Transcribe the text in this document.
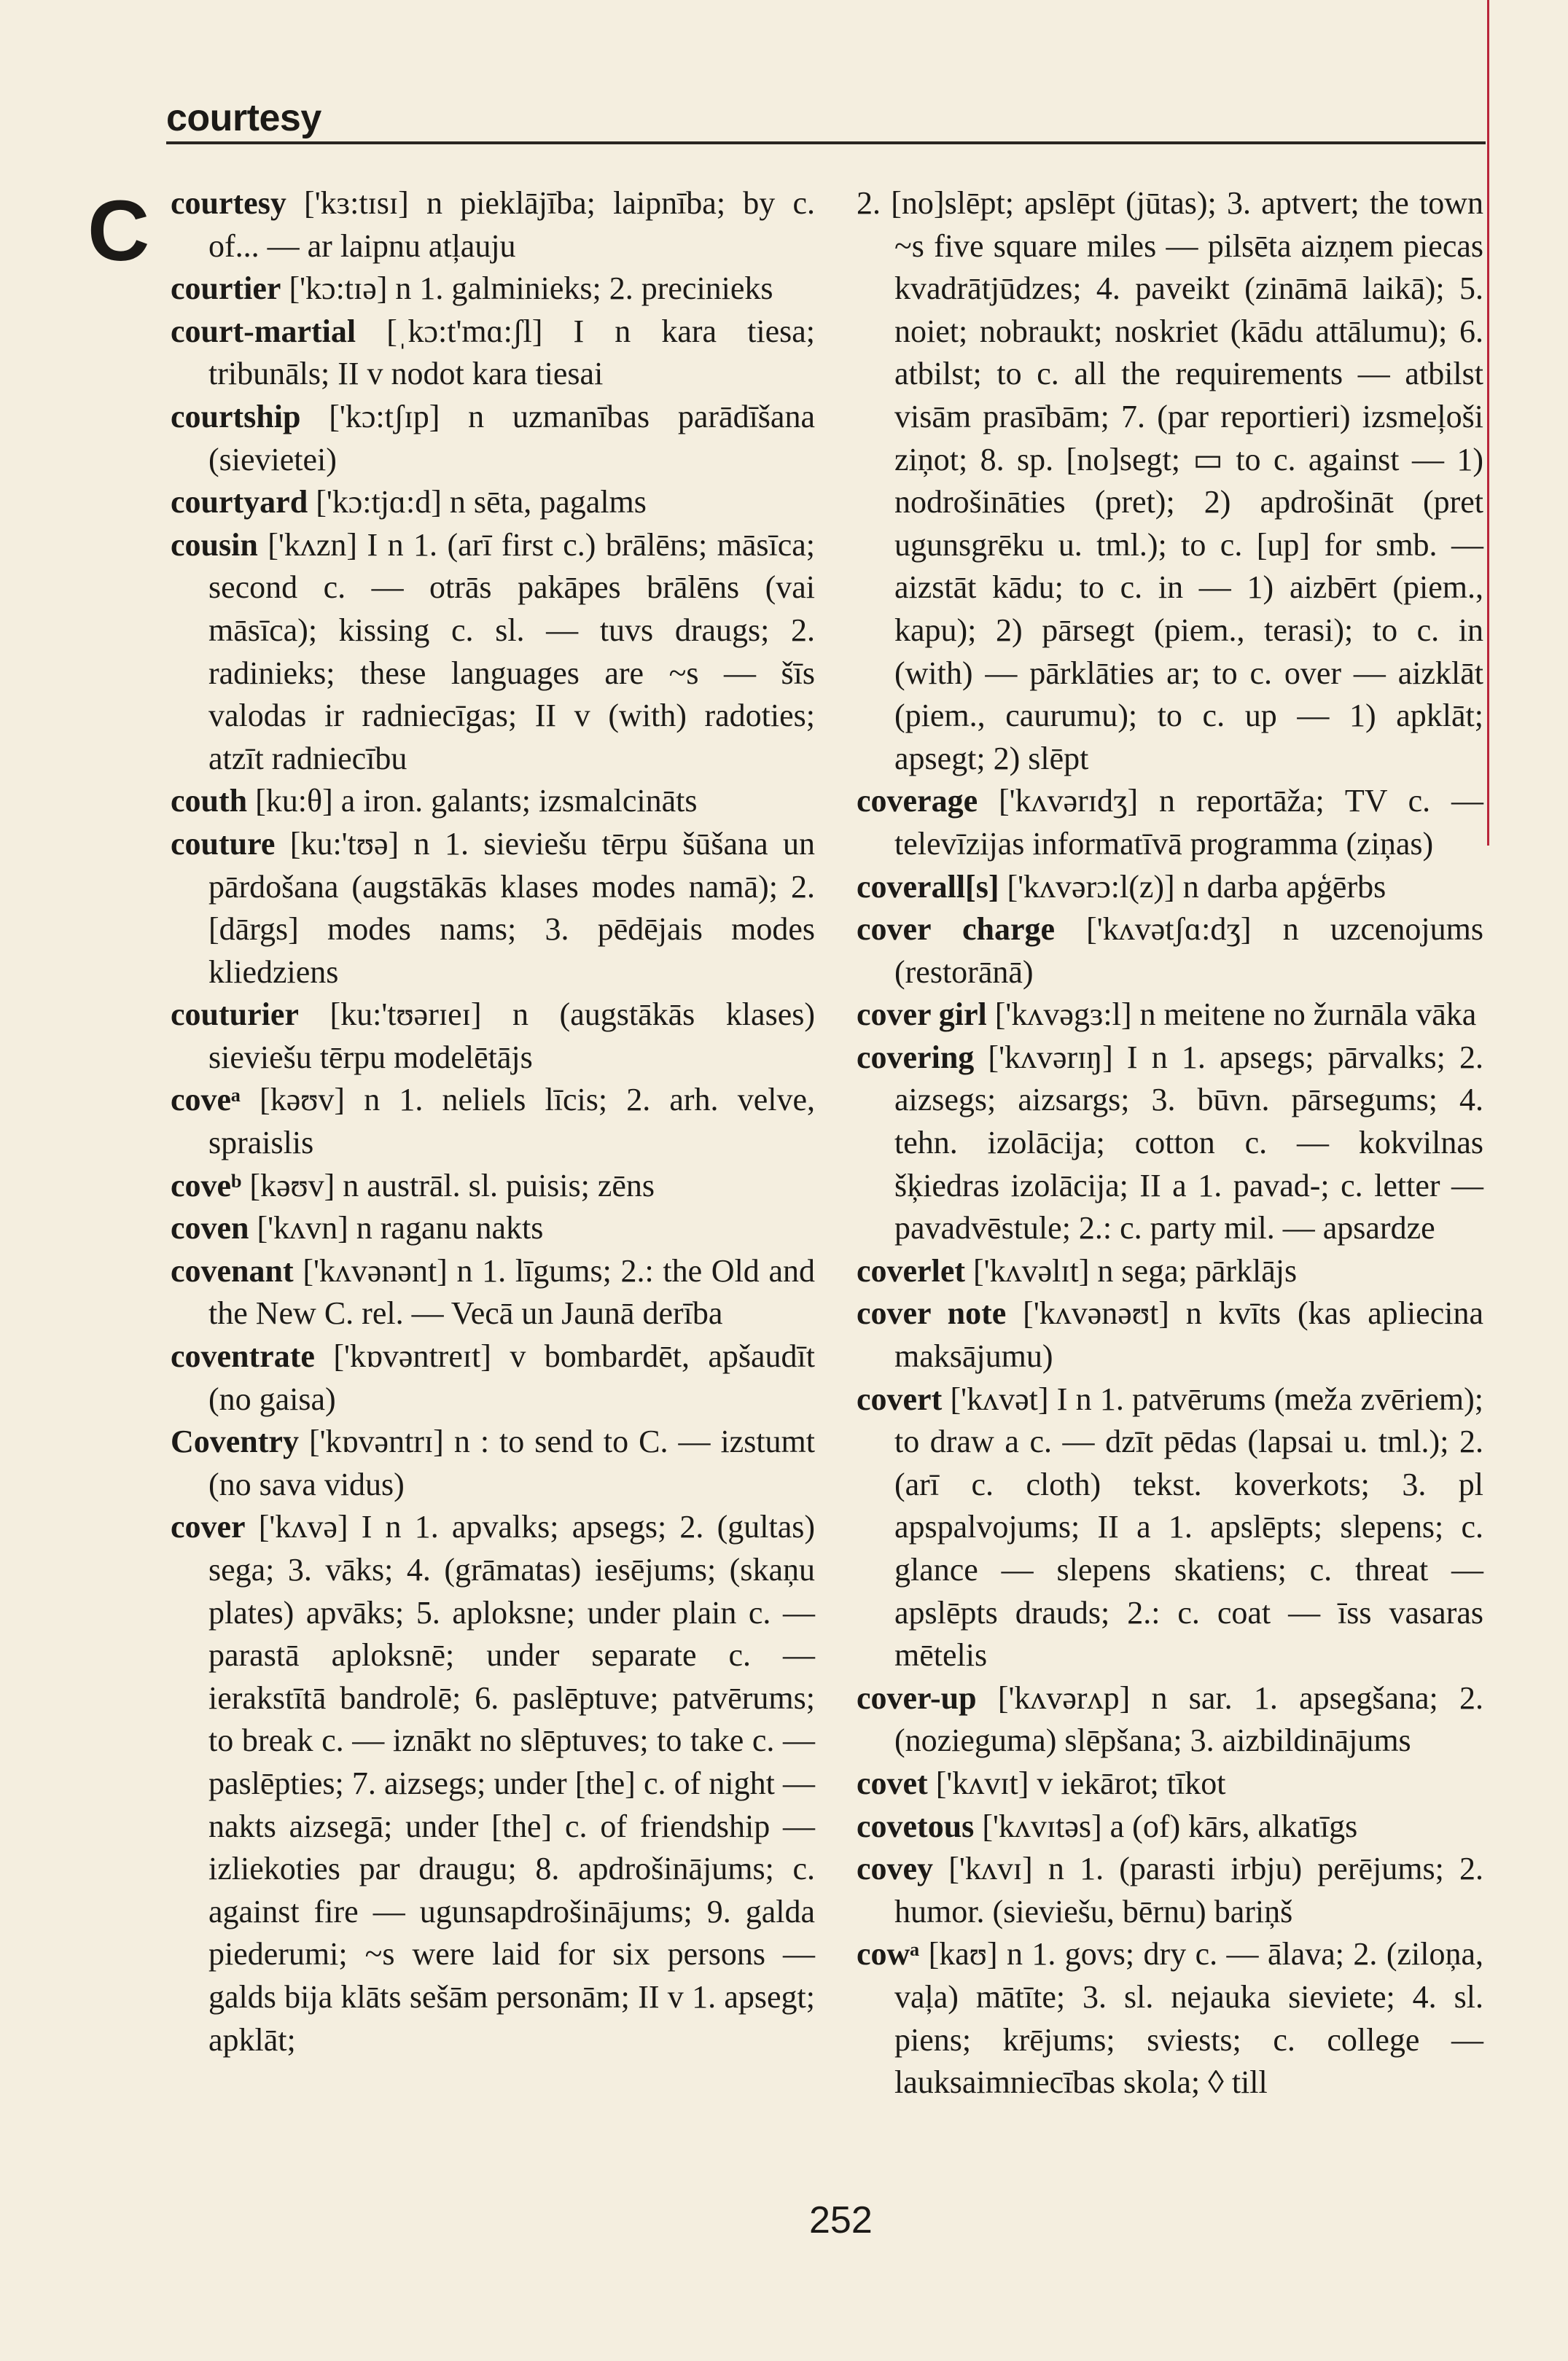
courtesy
C courtesy ['kɜ:tɪsɪ] n pieklājība; laipnība; by c. of... — ar laipnu atļauju

courtier ['kɔ:tɪə] n 1. galminieks; 2. precinieks

court-martial [ˌkɔ:t'mɑ:ʃl] I n kara tiesa; tribunāls; II v nodot kara tiesai

courtship ['kɔ:tʃɪp] n uzmanības parādīšana (sievietei)

courtyard ['kɔ:tjɑ:d] n sēta, pagalms

cousin ['kʌzn] I n 1. (arī first c.) brālēns; māsīca; second c. — otrās pakāpes brālēns (vai māsīca); kissing c. sl. — tuvs draugs; 2. radinieks; these languages are ~s — šīs valodas ir radniecīgas; II v (with) radoties; atzīt radniecību

couth [ku:θ] a iron. galants; izsmalcināts

couture [ku:'tʊə] n 1. sieviešu tērpu šūšana un pārdošana (augstākās klases modes namā); 2. [dārgs] modes nams; 3. pēdējais modes kliedziens

couturier [ku:'tʊərɪeɪ] n (augstākās klases) sieviešu tērpu modelētājs

coveᵃ [kəʊv] n 1. neliels līcis; 2. arh. velve, spraislis

coveᵇ [kəʊv] n austrāl. sl. puisis; zēns

coven ['kʌvn] n raganu nakts

covenant ['kʌvənənt] n 1. līgums; 2.: the Old and the New C. rel. — Vecā un Jaunā derība

coventrate ['kɒvəntreɪt] v bombardēt, apšaudīt (no gaisa)

Coventry ['kɒvəntrɪ] n : to send to C. — izstumt (no sava vidus)

cover ['kʌvə] I n 1. apvalks; apsegs; 2. (gultas) sega; 3. vāks; 4. (grāmatas) iesējums; (skaņu plates) apvāks; 5. aploksne; under plain c. — parastā aploksnē; under separate c. — ierakstītā bandrolē; 6. paslēptuve; patvērums; to break c. — iznākt no slēptuves; to take c. — paslēpties; 7. aizsegs; under [the] c. of night — nakts aizsegā; under [the] c. of friendship — izliekoties par draugu; 8. apdrošinājums; c. against fire — ugunsapdrošinājums; 9. galda piederumi; ~s were laid for six persons — galds bija klāts sešām personām; II v 1. apsegt; apklāt;

2. [no]slēpt; apslēpt (jūtas); 3. aptvert; the town ~s five square miles — pilsēta aizņem piecas kvadrātjūdzes; 4. paveikt (zināmā laikā); 5. noiet; nobraukt; noskriet (kādu attālumu); 6. atbilst; to c. all the requirements — atbilst visām prasībām; 7. (par reportieri) izsmeļoši ziņot; 8. sp. [no]segt; ▭ to c. against — 1) nodrošināties (pret); 2) apdrošināt (pret ugunsgrēku u. tml.); to c. [up] for smb. — aizstāt kādu; to c. in — 1) aizbērt (piem., kapu); 2) pārsegt (piem., terasi); to c. in (with) — pārklāties ar; to c. over — aizklāt (piem., caurumu); to c. up — 1) apklāt; apsegt; 2) slēpt

coverage ['kʌvərɪdʒ] n reportāža; TV c. — televīzijas informatīvā programma (ziņas)

coverall[s] ['kʌvərɔ:l(z)] n darba apģērbs

cover charge ['kʌvətʃɑ:dʒ] n uzcenojums (restorānā)

cover girl ['kʌvəgɜ:l] n meitene no žurnāla vāka

covering ['kʌvərɪŋ] I n 1. apsegs; pārvalks; 2. aizsegs; aizsargs; 3. būvn. pārsegums; 4. tehn. izolācija; cotton c. — kokvilnas šķiedras izolācija; II a 1. pavad-; c. letter — pavadvēstule; 2.: c. party mil. — apsardze

coverlet ['kʌvəlɪt] n sega; pārklājs

cover note ['kʌvənəʊt] n kvīts (kas apliecina maksājumu)

covert ['kʌvət] I n 1. patvērums (meža zvēriem); to draw a c. — dzīt pēdas (lapsai u. tml.); 2. (arī c. cloth) tekst. koverkots; 3. pl apspalvojums; II a 1. apslēpts; slepens; c. glance — slepens skatiens; c. threat — apslēpts drauds; 2.: c. coat — īss vasaras mētelis

cover-up ['kʌvərʌp] n sar. 1. apsegšana; 2. (nozieguma) slēpšana; 3. aizbildinājums

covet ['kʌvɪt] v iekārot; tīkot

covetous ['kʌvɪtəs] a (of) kārs, alkatīgs

covey ['kʌvɪ] n 1. (parasti irbju) perējums; 2. humor. (sieviešu, bērnu) bariņš

cowᵃ [kaʊ] n 1. govs; dry c. — ālava; 2. (ziloņa, vaļa) mātīte; 3. sl. nejauka sieviete; 4. sl. piens; krējums; sviests; c. college — lauksaimniecības skola; ◊ till

252
